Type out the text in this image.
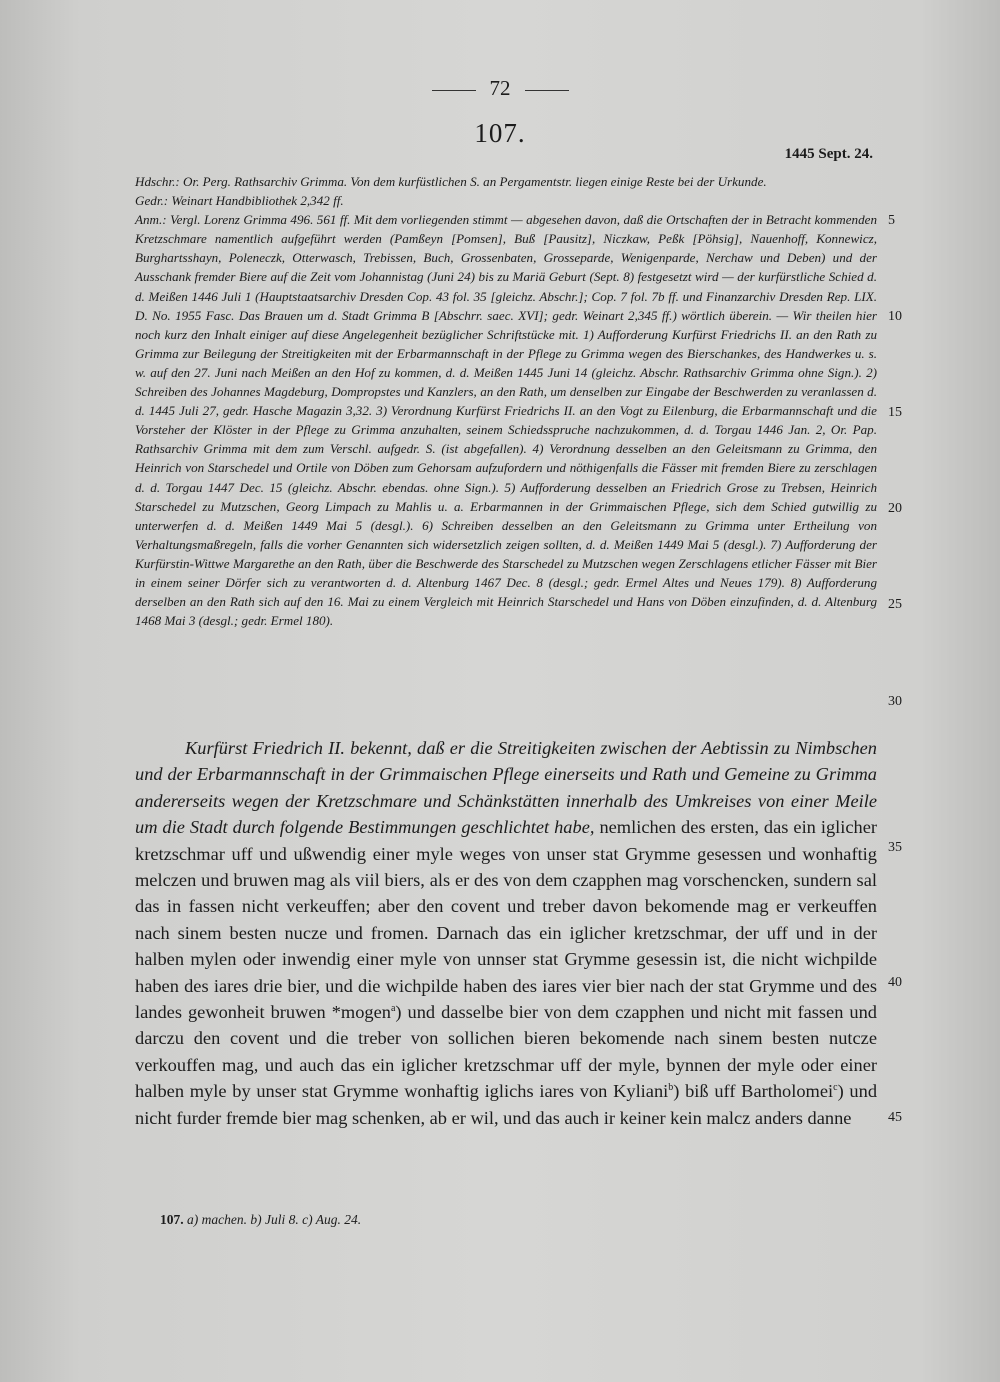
72
107.
1445 Sept. 24.

Hdschr.: Or. Perg. Rathsarchiv Grimma. Von dem kurfüstlichen S. an Pergamentstr. liegen einige Reste bei der Urkunde.

Gedr.: Weinart Handbibliothek 2,342 ff.

Anm.: Vergl. Lorenz Grimma 496. 561 ff. Mit dem vorliegenden stimmt — abgesehen davon, daß die Ortschaften der in Betracht kommenden Kretzschmare namentlich aufgeführt werden (Pamßeyn [Pomsen], Buß [Pausitz], Niczkaw, Peßk [Pöhsig], Nauenhoff, Konnewicz, Burghartsshayn, Poleneczk, Otterwasch, Trebissen, Buch, Grossenbaten, Grosseparde, Wenigenparde, Nerchaw und Deben) und der Ausschank fremder Biere auf die Zeit vom Johannistag (Juni 24) bis zu Mariä Geburt (Sept. 8) festgesetzt wird — der kurfürstliche Schied d. d. Meißen 1446 Juli 1 (Hauptstaatsarchiv Dresden Cop. 43 fol. 35 [gleichz. Abschr.]; Cop. 7 fol. 7b ff. und Finanzarchiv Dresden Rep. LIX. D. No. 1955 Fasc. Das Brauen um d. Stadt Grimma B [Abschrr. saec. XVI]; gedr. Weinart 2,345 ff.) wörtlich überein. — Wir theilen hier noch kurz den Inhalt einiger auf diese Angelegenheit bezüglicher Schriftstücke mit. 1) Aufforderung Kurfürst Friedrichs II. an den Rath zu Grimma zur Beilegung der Streitigkeiten mit der Erbarmannschaft in der Pflege zu Grimma wegen des Bierschankes, des Handwerkes u. s. w. auf den 27. Juni nach Meißen an den Hof zu kommen, d. d. Meißen 1445 Juni 14 (gleichz. Abschr. Rathsarchiv Grimma ohne Sign.). 2) Schreiben des Johannes Magdeburg, Dompropstes und Kanzlers, an den Rath, um denselben zur Eingabe der Beschwerden zu veranlassen d. d. 1445 Juli 27, gedr. Hasche Magazin 3,32. 3) Verordnung Kurfürst Friedrichs II. an den Vogt zu Eilenburg, die Erbarmannschaft und die Vorsteher der Klöster in der Pflege zu Grimma anzuhalten, seinem Schiedsspruche nachzukommen, d. d. Torgau 1446 Jan. 2, Or. Pap. Rathsarchiv Grimma mit dem zum Verschl. aufgedr. S. (ist abgefallen). 4) Verordnung desselben an den Geleitsmann zu Grimma, den Heinrich von Starschedel und Ortile von Döben zum Gehorsam aufzufordern und nöthigenfalls die Fässer mit fremden Biere zu zerschlagen d. d. Torgau 1447 Dec. 15 (gleichz. Abschr. ebendas. ohne Sign.). 5) Aufforderung desselben an Friedrich Grose zu Trebsen, Heinrich Starschedel zu Mutzschen, Georg Limpach zu Mahlis u. a. Erbarmannen in der Grimmaischen Pflege, sich dem Schied gutwillig zu unterwerfen d. d. Meißen 1449 Mai 5 (desgl.). 6) Schreiben desselben an den Geleitsmann zu Grimma unter Ertheilung von Verhaltungsmaßregeln, falls die vorher Genannten sich widersetzlich zeigen sollten, d. d. Meißen 1449 Mai 5 (desgl.). 7) Aufforderung der Kurfürstin-Wittwe Margarethe an den Rath, über die Beschwerde des Starschedel zu Mutzschen wegen Zerschlagens etlicher Fässer mit Bier in einem seiner Dörfer sich zu verantworten d. d. Altenburg 1467 Dec. 8 (desgl.; gedr. Ermel Altes und Neues 179). 8) Aufforderung derselben an den Rath sich auf den 16. Mai zu einem Vergleich mit Heinrich Starschedel und Hans von Döben einzufinden, d. d. Altenburg 1468 Mai 3 (desgl.; gedr. Ermel 180).

5
10
15
20
25
30
35
40
45

Kurfürst Friedrich II. bekennt, daß er die Streitigkeiten zwischen der Aebtissin zu Nimbschen und der Erbarmannschaft in der Grimmaischen Pflege einerseits und Rath und Gemeine zu Grimma andererseits wegen der Kretzschmare und Schänkstätten innerhalb des Umkreises von einer Meile um die Stadt durch folgende Bestimmungen geschlichtet habe, nemlichen des ersten, das ein iglicher kretzschmar uff und ußwendig einer myle weges von unser stat Grymme gesessen und wonhaftig melczen und bruwen mag als viil biers, als er des von dem czapphen mag vorschencken, sundern sal das in fassen nicht verkeuffen; aber den covent und treber davon bekomende mag er verkeuffen nach sinem besten nucze und fromen. Darnach das ein iglicher kretzschmar, der uff und in der halben mylen oder inwendig einer myle von unnser stat Grymme gesessin ist, die nicht wichpilde haben des iares drie bier, und die wichpilde haben des iares vier bier nach der stat Grymme und des landes gewonheit bruwen *mogen$^a$) und dasselbe bier von dem czapphen und nicht mit fassen und darczu den covent und die treber von sollichen bieren bekomende nach sinem besten nutcze verkouffen mag, und auch das ein iglicher kretzschmar uff der myle, bynnen der myle oder einer halben myle by unser stat Grymme wonhaftig iglichs iares von Kyliani$^b$) biß uff Bartholomei$^c$) und nicht furder fremde bier mag schenken, ab er wil, und das auch ir keiner kein malcz anders danne

107. a) machen. b) Juli 8. c) Aug. 24.
